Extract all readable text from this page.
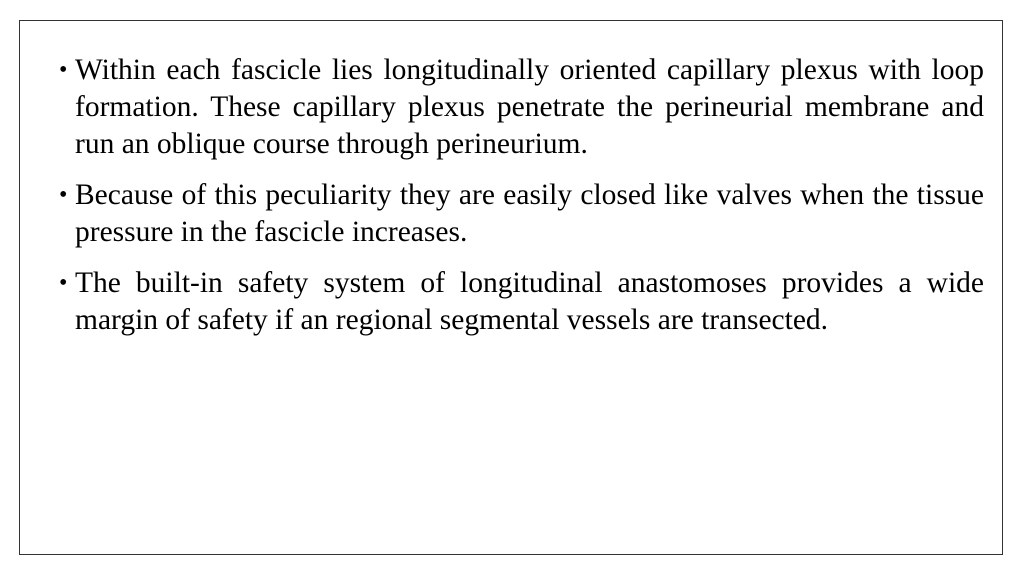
• Within each fascicle lies longitudinally oriented capillary plexus with loop formation. These capillary plexus penetrate the perineurial membrane and run an oblique course through perineurium.
• Because of this peculiarity they are easily closed like valves when the tissue pressure in the fascicle increases.
• The built-in safety system of longitudinal anastomoses provides a wide margin of safety if an regional segmental vessels are transected.
